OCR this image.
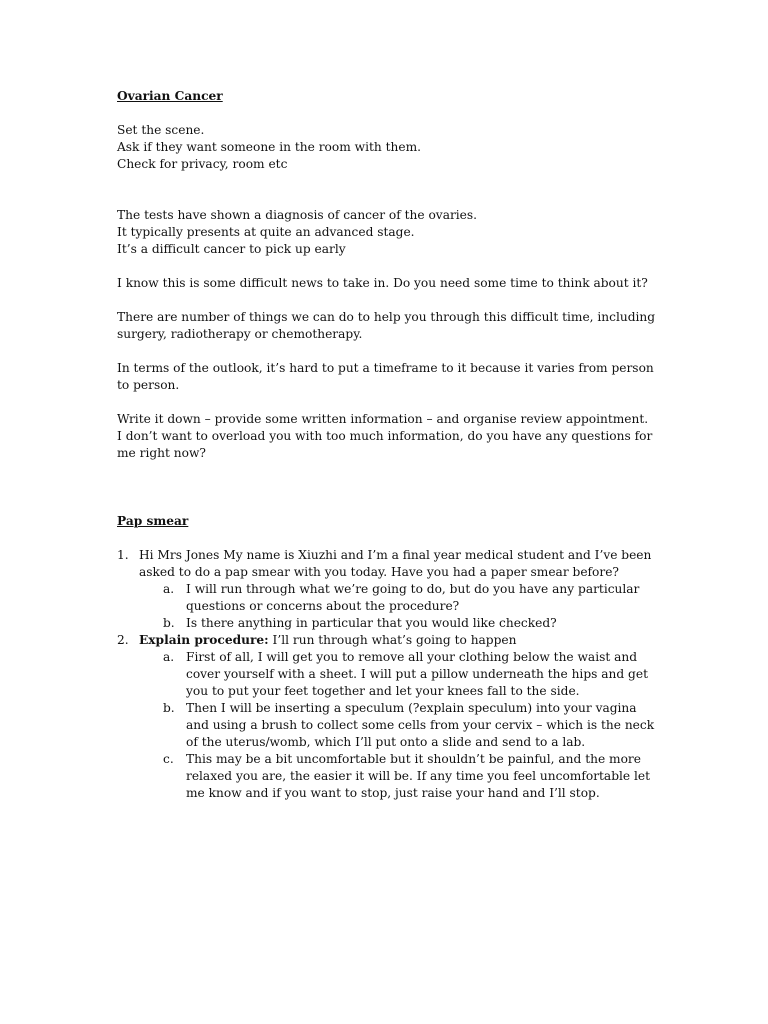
Ovarian Cancer

Set the scene.

Ask if they want someone in the room with them.

Check for privacy, room etc

The tests have shown a diagnosis of cancer of the ovaries.

It typically presents at quite an advanced stage.

It’s a difficult cancer to pick up early

I know this is some difficult news to take in. Do you need some time to think about it?

There are number of things we can do to help you through this difficult time, including surgery, radiotherapy or chemotherapy.

In terms of the outlook, it’s hard to put a timeframe to it because it varies from person to person.

Write it down – provide some written information – and organise review appointment.

I don’t want to overload you with too much information, do you have any questions for me right now?

Pap smear

1. Hi Mrs Jones My name is Xiuzhi and I’m a final year medical student and I’ve been asked to do a pap smear with you today. Have you had a paper smear before?
a. I will run through what we’re going to do, but do you have any particular questions or concerns about the procedure?
b. Is there anything in particular that you would like checked?
2. Explain procedure: I’ll run through what’s going to happen
a. First of all, I will get you to remove all your clothing below the waist and cover yourself with a sheet. I will put a pillow underneath the hips and get you to put your feet together and let your knees fall to the side.
b. Then I will be inserting a speculum (?explain speculum) into your vagina and using a brush to collect some cells from your cervix – which is the neck of the uterus/womb, which I’ll put onto a slide and send to a lab.
c. This may be a bit uncomfortable but it shouldn’t be painful, and the more relaxed you are, the easier it will be. If any time you feel uncomfortable let me know and if you want to stop, just raise your hand and I’ll stop.
